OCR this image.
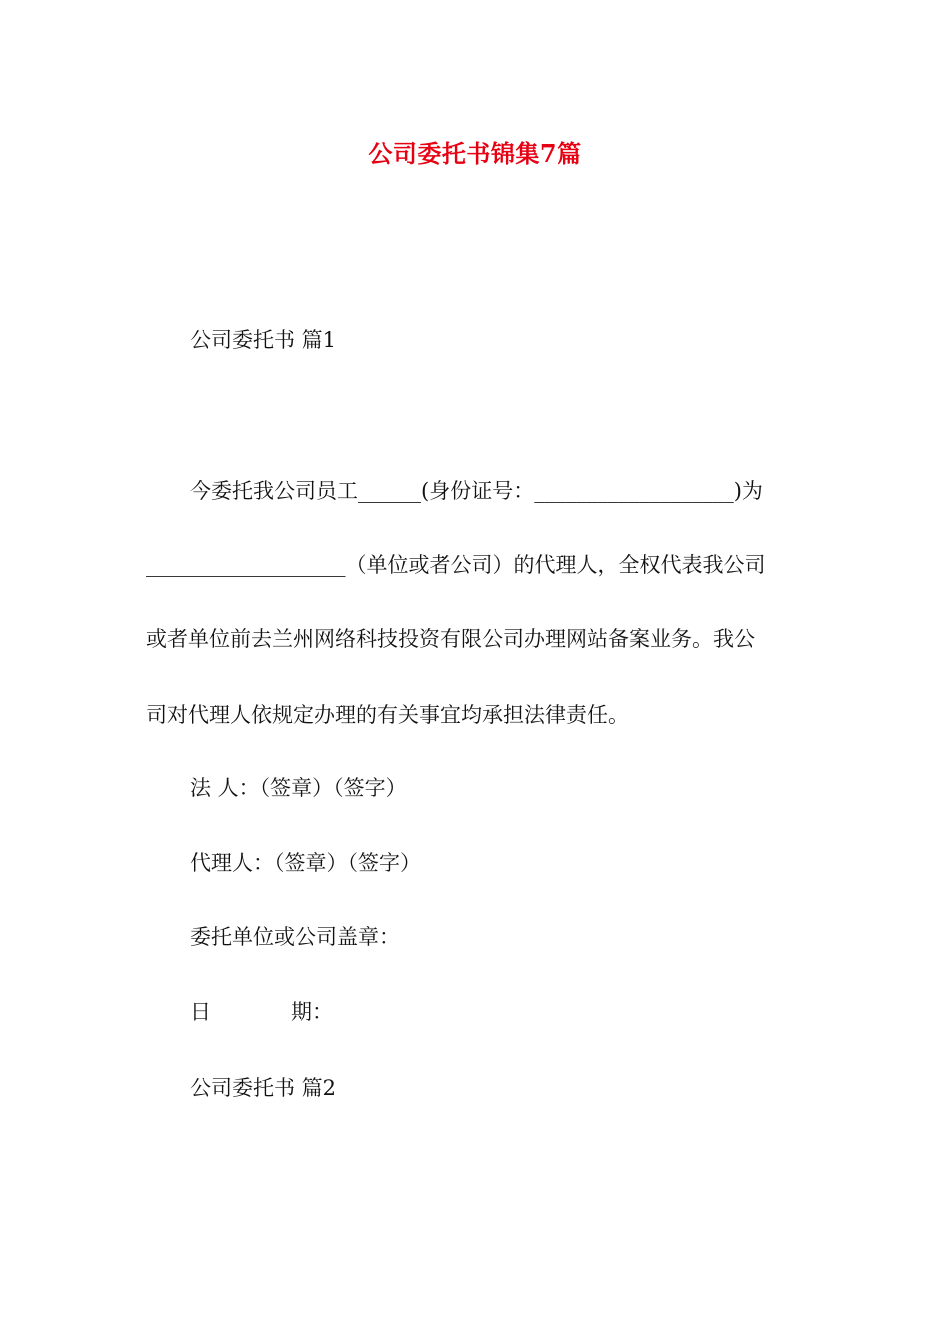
公司委托书锦集7篇
公司委托书 篇1
今委托我公司员工______(身份证号：___________________)为
___________________（单位或者公司）的代理人，全权代表我公司
或者单位前去兰州网络科技投资有限公司办理网站备案业务。我公
司对代理人依规定办理的有关事宜均承担法律责任。
法 人：（签章）（签字）
代理人：（签章）（签字）
委托单位或公司盖章：
日	期：
公司委托书 篇2
